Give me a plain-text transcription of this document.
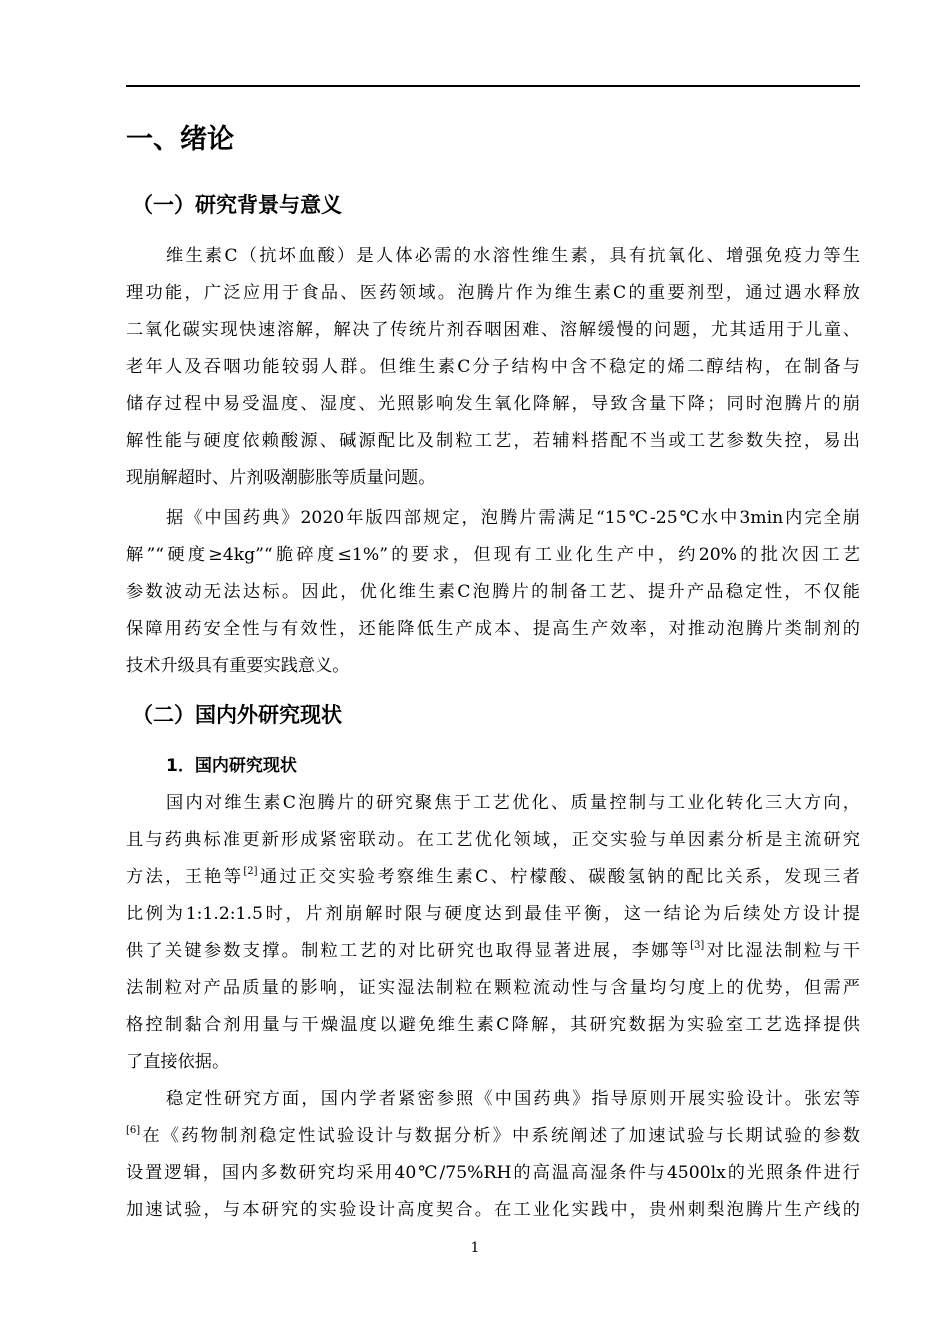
一、绪论
（一）研究背景与意义
维生素C（抗坏血酸）是人体必需的水溶性维生素，具有抗氧化、增强免疫力等生
理功能，广泛应用于食品、医药领域。泡腾片作为维生素C的重要剂型，通过遇水释放
二氧化碳实现快速溶解，解决了传统片剂吞咽困难、溶解缓慢的问题，尤其适用于儿童、
老年人及吞咽功能较弱人群。但维生素C分子结构中含不稳定的烯二醇结构，在制备与
储存过程中易受温度、湿度、光照影响发生氧化降解，导致含量下降；同时泡腾片的崩
解性能与硬度依赖酸源、碱源配比及制粒工艺，若辅料搭配不当或工艺参数失控，易出
现崩解超时、片剂吸潮膨胀等质量问题。
据《中国药典》2020年版四部规定，泡腾片需满足“15℃-25℃水中3min内完全崩
解”“硬度≥4kg”“脆碎度≤1%”的要求，但现有工业化生产中，约20%的批次因工艺
参数波动无法达标。因此，优化维生素C泡腾片的制备工艺、提升产品稳定性，不仅能
保障用药安全性与有效性，还能降低生产成本、提高生产效率，对推动泡腾片类制剂的
技术升级具有重要实践意义。
（二）国内外研究现状
1．国内研究现状
国内对维生素C泡腾片的研究聚焦于工艺优化、质量控制与工业化转化三大方向，
且与药典标准更新形成紧密联动。在工艺优化领域，正交实验与单因素分析是主流研究
方法，王艳等[2]通过正交实验考察维生素C、柠檬酸、碳酸氢钠的配比关系，发现三者
比例为1:1.2:1.5时，片剂崩解时限与硬度达到最佳平衡，这一结论为后续处方设计提
供了关键参数支撑。制粒工艺的对比研究也取得显著进展，李娜等[3]对比湿法制粒与干
法制粒对产品质量的影响，证实湿法制粒在颗粒流动性与含量均匀度上的优势，但需严
格控制黏合剂用量与干燥温度以避免维生素C降解，其研究数据为实验室工艺选择提供
了直接依据。
稳定性研究方面，国内学者紧密参照《中国药典》指导原则开展实验设计。张宏等
[6]在《药物制剂稳定性试验设计与数据分析》中系统阐述了加速试验与长期试验的参数
设置逻辑，国内多数研究均采用40℃/75%RH的高温高湿条件与4500lx的光照条件进行
加速试验，与本研究的实验设计高度契合。在工业化实践中，贵州刺梨泡腾片生产线的
1
